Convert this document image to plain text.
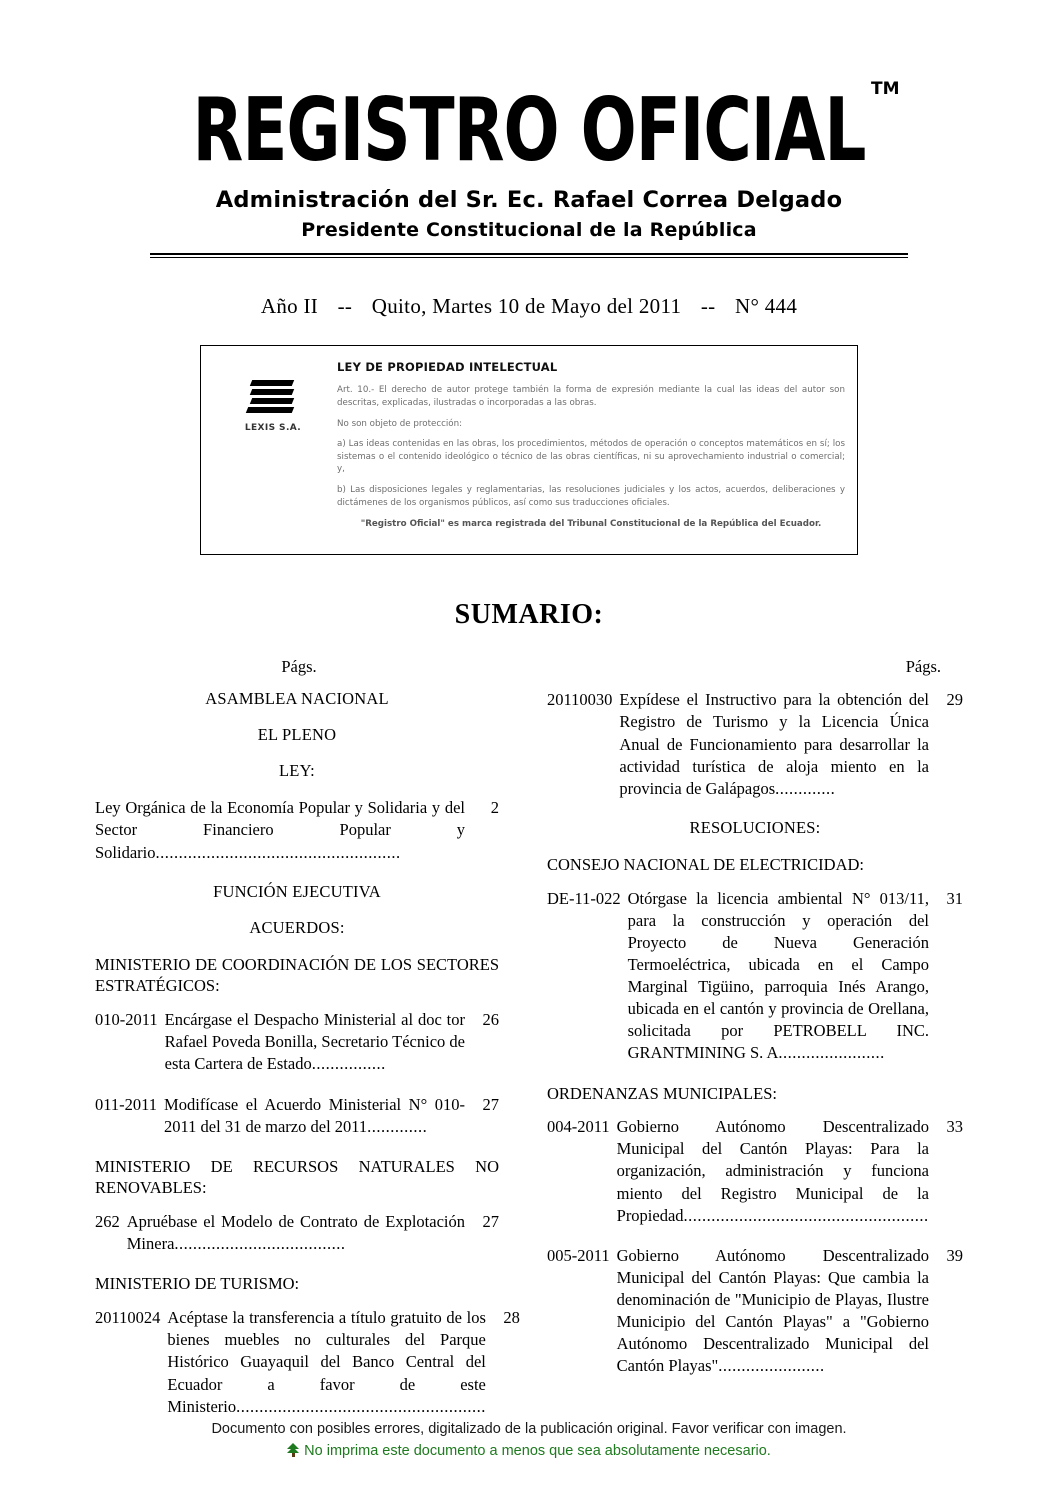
REGISTRO OFICIAL TM
Administración del Sr. Ec. Rafael Correa Delgado
Presidente Constitucional de la República
Año II -- Quito, Martes 10 de Mayo del 2011 -- N° 444
LEXIS S.A.
LEY DE PROPIEDAD INTELECTUAL
Art. 10.- El derecho de autor protege también la forma de expresión mediante la cual las ideas del autor son descritas, explicadas, ilustradas o incorporadas a las obras.
No son objeto de protección:
a) Las ideas contenidas en las obras, los procedimientos, métodos de operación o conceptos matemáticos en sí; los sistemas o el contenido ideológico o técnico de las obras científicas, ni su aprovechamiento industrial o comercial; y,
b) Las disposiciones legales y reglamentarias, las resoluciones judiciales y los actos, acuerdos, deliberaciones y dictámenes de los organismos públicos, así como sus traducciones oficiales.
"Registro Oficial" es marca registrada del Tribunal Constitucional de la República del Ecuador.
SUMARIO:
Págs.	Págs.
ASAMBLEA NACIONAL
EL PLENO
LEY:
Ley Orgánica de la Economía Popular y Solidaria y del Sector Financiero Popular y Solidario.....................................................
2
FUNCIÓN EJECUTIVA
ACUERDOS:
MINISTERIO DE COORDINACIÓN DE LOS SECTORES ESTRATÉGICOS:
010-2011 Encárgase el Despacho Ministerial al doc tor Rafael Poveda Bonilla, Secretario Técnico de esta Cartera de Estado................
26
011-2011 Modifícase el Acuerdo Ministerial N° 010-2011 del 31 de marzo del 2011.............
27
MINISTERIO DE RECURSOS NATURALES NO RENOVABLES:
262 Apruébase el Modelo de Contrato de Explotación Minera.....................................
27
MINISTERIO DE TURISMO:
20110024 Acéptase la transferencia a título gratuito de los bienes muebles no culturales del Parque Histórico Guayaquil del Banco Central del Ecuador a favor de este Ministerio......................................................
28
20110030 Expídese el Instructivo para la obtención del Registro de Turismo y la Licencia Única Anual de Funcionamiento para desarrollar la actividad turística de aloja miento en la provincia de Galápagos.............
29
RESOLUCIONES:
CONSEJO NACIONAL DE ELECTRICIDAD:
DE-11-022 Otórgase la licencia ambiental N° 013/11, para la construcción y operación del Proyecto de Nueva Generación Termoeléctrica, ubicada en el Campo Marginal Tigüino, parroquia Inés Arango, ubicada en el cantón y provincia de Orellana, solicitada por PETROBELL INC. GRANTMINING S. A.......................
31
ORDENANZAS MUNICIPALES:
004-2011 Gobierno Autónomo Descentralizado Municipal del Cantón Playas: Para la organización, administración y funciona miento del Registro Municipal de la Propiedad.....................................................
33
005-2011 Gobierno Autónomo Descentralizado Municipal del Cantón Playas: Que cambia la denominación de "Municipio de Playas, Ilustre Municipio del Cantón Playas" a "Gobierno Autónomo Descentralizado Municipal del Cantón Playas".......................
39
Documento con posibles errores, digitalizado de la publicación original. Favor verificar con imagen.
No imprima este documento a menos que sea absolutamente necesario.
